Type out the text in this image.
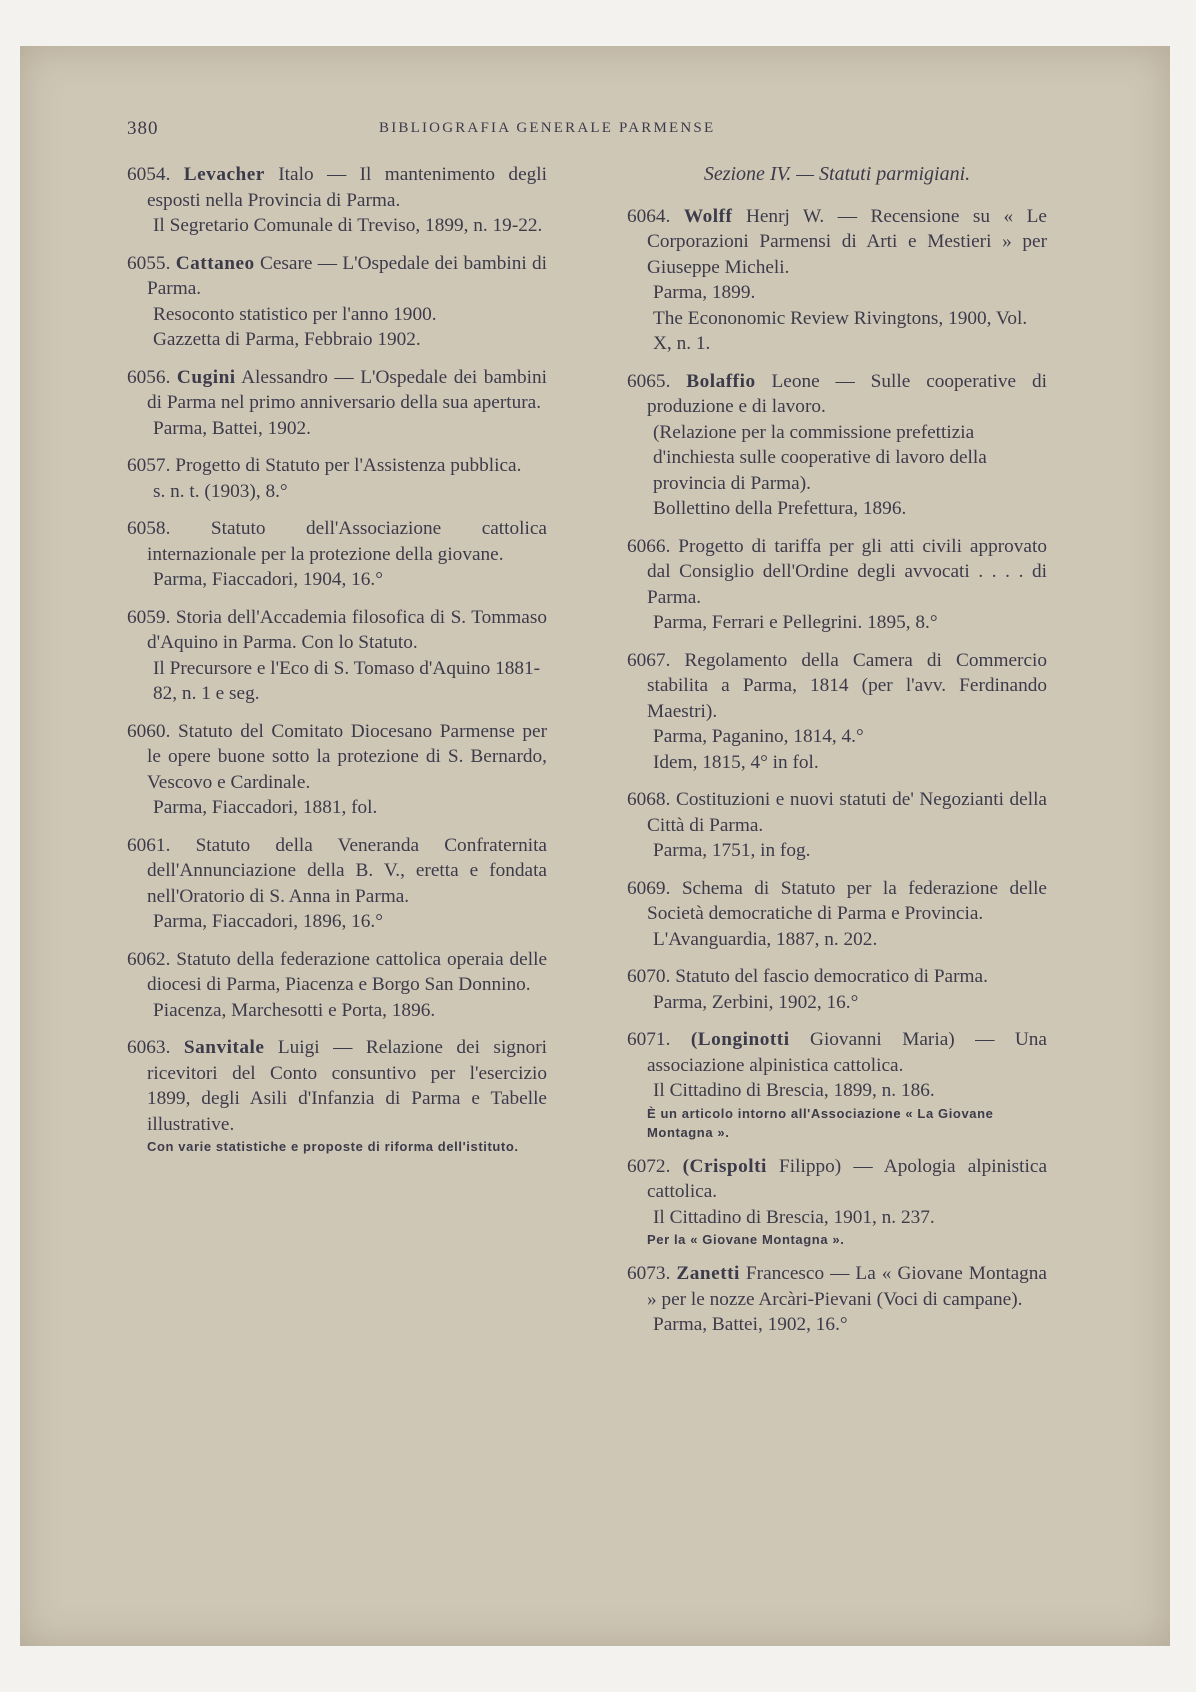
380	BIBLIOGRAFIA GENERALE PARMENSE
6054. Levacher Italo — Il mantenimento degli esposti nella Provincia di Parma.
Il Segretario Comunale di Treviso, 1899, n. 19-22.
6055. Cattaneo Cesare — L'Ospedale dei bambini di Parma.
Resoconto statistico per l'anno 1900.
Gazzetta di Parma, Febbraio 1902.
6056. Cugini Alessandro — L'Ospedale dei bambini di Parma nel primo anniversario della sua apertura.
Parma, Battei, 1902.
6057. Progetto di Statuto per l'Assistenza pubblica.
s. n. t. (1903), 8.°
6058. Statuto dell'Associazione cattolica internazionale per la protezione della giovane.
Parma, Fiaccadori, 1904, 16.°
6059. Storia dell'Accademia filosofica di S. Tommaso d'Aquino in Parma. Con lo Statuto.
Il Precursore e l'Eco di S. Tomaso d'Aquino 1881-82, n. 1 e seg.
6060. Statuto del Comitato Diocesano Parmense per le opere buone sotto la protezione di S. Bernardo, Vescovo e Cardinale.
Parma, Fiaccadori, 1881, fol.
6061. Statuto della Veneranda Confraternita dell'Annunciazione della B. V., eretta e fondata nell'Oratorio di S. Anna in Parma.
Parma, Fiaccadori, 1896, 16.°
6062. Statuto della federazione cattolica operaia delle diocesi di Parma, Piacenza e Borgo San Donnino.
Piacenza, Marchesotti e Porta, 1896.
6063. Sanvitale Luigi — Relazione dei signori ricevitori del Conto consuntivo per l'esercizio 1899, degli Asili d'Infanzia di Parma e Tabelle illustrative.
Con varie statistiche e proposte di riforma dell'istituto.
Sezione IV. — Statuti parmigiani.
6064. Wolff Henrj W. — Recensione su « Le Corporazioni Parmensi di Arti e Mestieri » per Giuseppe Micheli.
Parma, 1899.
The Econonomic Review Rivingtons, 1900, Vol. X, n. 1.
6065. Bolaffio Leone — Sulle cooperative di produzione e di lavoro.
(Relazione per la commissione prefettizia d'inchiesta sulle cooperative di lavoro della provincia di Parma).
Bollettino della Prefettura, 1896.
6066. Progetto di tariffa per gli atti civili approvato dal Consiglio dell'Ordine degli avvocati . . . . di Parma.
Parma, Ferrari e Pellegrini. 1895, 8.°
6067. Regolamento della Camera di Commercio stabilita a Parma, 1814 (per l'avv. Ferdinando Maestri).
Parma, Paganino, 1814, 4.°
Idem, 1815, 4° in fol.
6068. Costituzioni e nuovi statuti de' Negozianti della Città di Parma.
Parma, 1751, in fog.
6069. Schema di Statuto per la federazione delle Società democratiche di Parma e Provincia.
L'Avanguardia, 1887, n. 202.
6070. Statuto del fascio democratico di Parma.
Parma, Zerbini, 1902, 16.°
6071. (Longinotti Giovanni Maria) — Una associazione alpinistica cattolica.
Il Cittadino di Brescia, 1899, n. 186.
È un articolo intorno all'Associazione « La Giovane Montagna ».
6072. (Crispolti Filippo) — Apologia alpinistica cattolica.
Il Cittadino di Brescia, 1901, n. 237.
Per la « Giovane Montagna ».
6073. Zanetti Francesco — La « Giovane Montagna » per le nozze Arcàri-Pievani (Voci di campane).
Parma, Battei, 1902, 16.°
